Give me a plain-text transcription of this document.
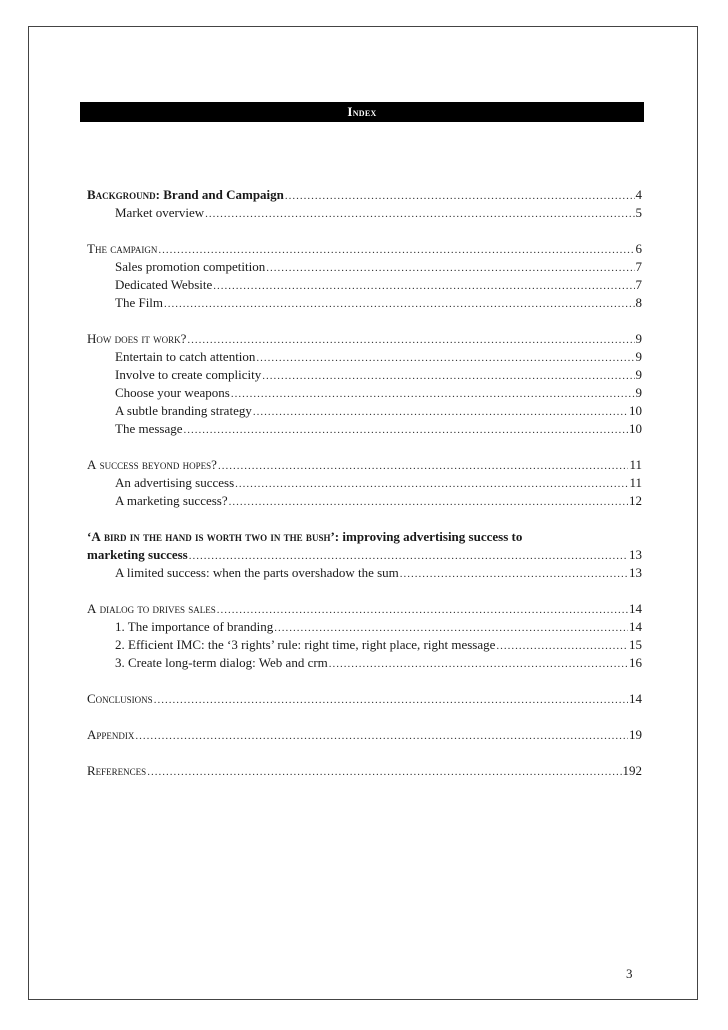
Index
Background: Brand and Campaign .....	4
Market overview .....	5
The campaign .....	6
Sales promotion competition .....	7
Dedicated Website .....	7
The Film .....	8
How does it work? .....	9
Entertain to catch attention .....	9
Involve to create complicity .....	9
Choose your weapons .....	9
A subtle branding strategy .....	10
The message .....	10
A success beyond hopes? .....	11
An advertising success .....	11
A marketing success? .....	12
‘A bird in the hand is worth two in the bush’: improving advertising success to
marketing success .....	13
A limited success: when the parts overshadow the sum .....	13
A dialog to drives sales .....	14
1. The importance of branding .....	14
2. Efficient IMC: the ‘3 rights’ rule: right time, right place, right message .....	15
3. Create long-term dialog: Web and crm .....	16
Conclusions .....	14
Appendix .....	19
References .....	192
3
